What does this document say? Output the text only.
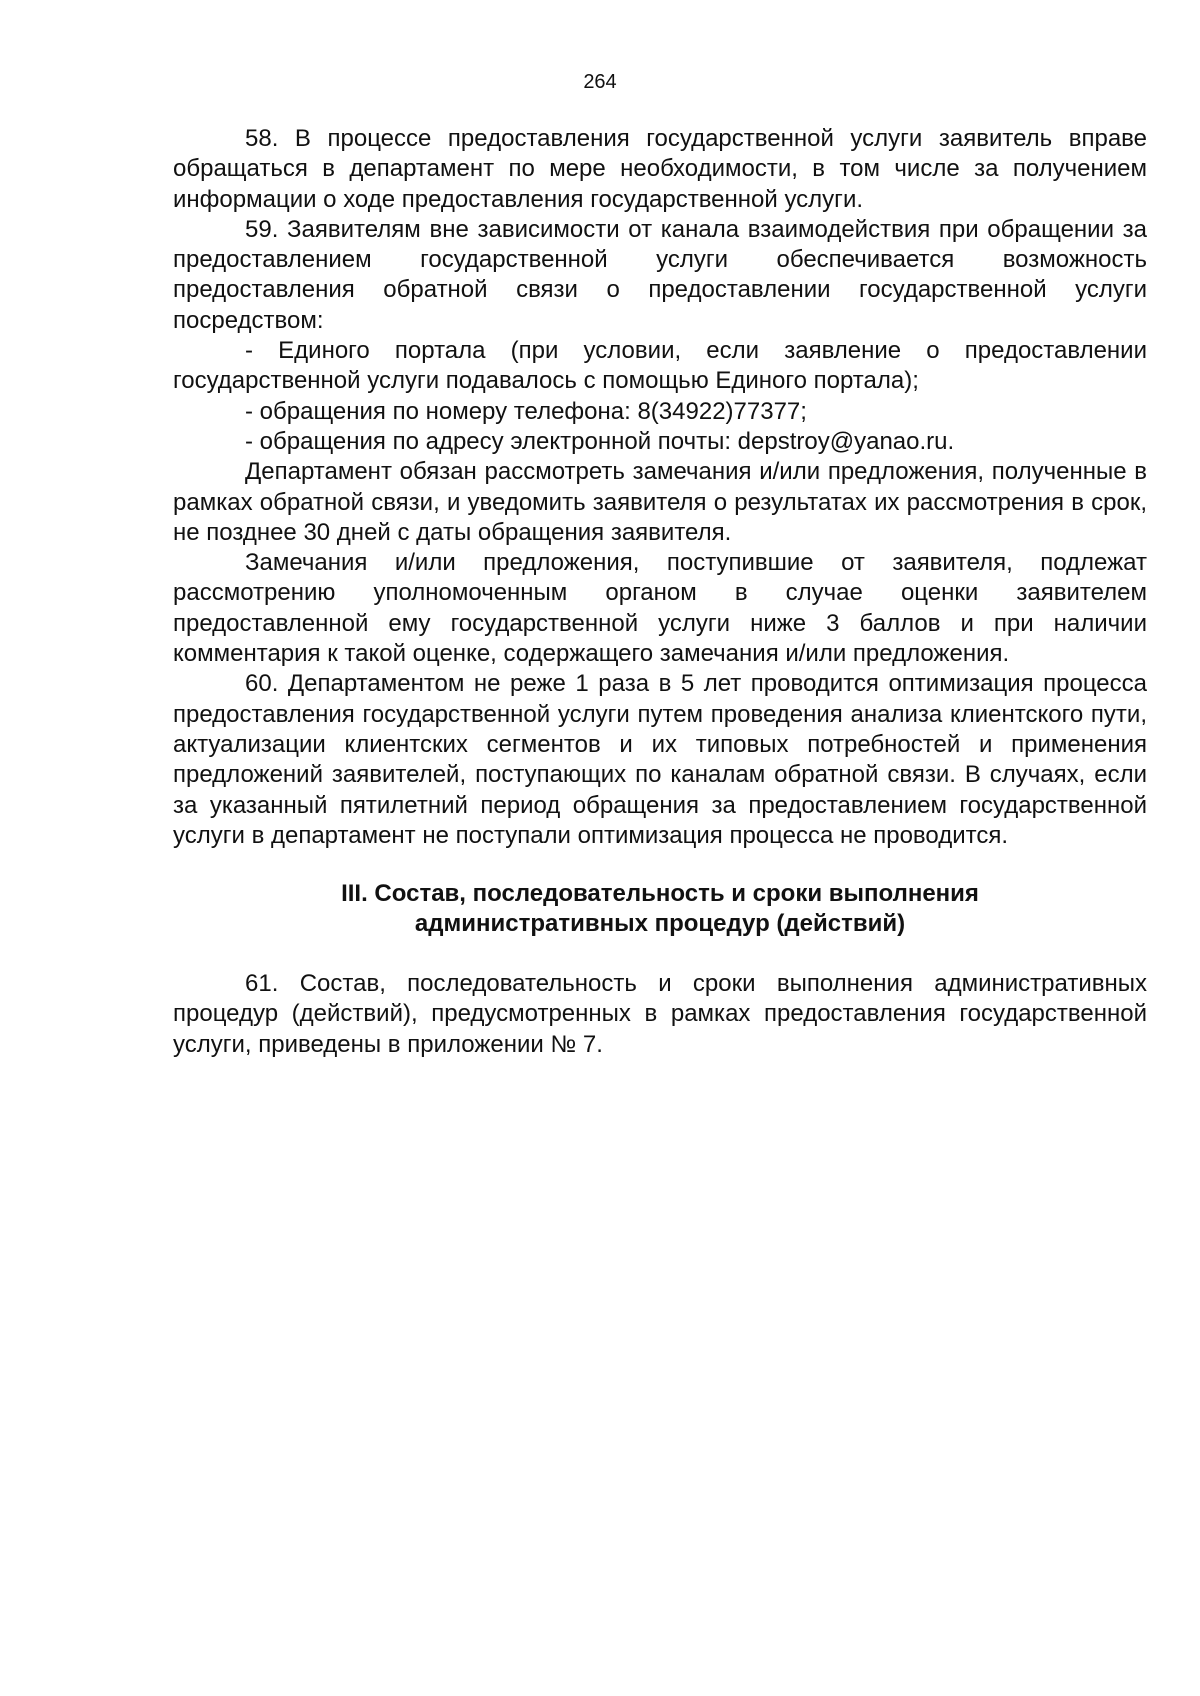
264

58. В процессе предоставления государственной услуги заявитель вправе обращаться в департамент по мере необходимости, в том числе за получением информации о ходе предоставления государственной услуги.

59. Заявителям вне зависимости от канала взаимодействия при обращении за предоставлением государственной услуги обеспечивается возможность предоставления обратной связи о предоставлении государственной услуги посредством:

- Единого портала (при условии, если заявление о предоставлении государственной услуги подавалось с помощью Единого портала);

- обращения по номеру телефона: 8(34922)77377;

- обращения по адресу электронной почты: depstroy@yanao.ru.

Департамент обязан рассмотреть замечания и/или предложения, полученные в рамках обратной связи, и уведомить заявителя о результатах их рассмотрения в срок, не позднее 30 дней с даты обращения заявителя.

Замечания и/или предложения, поступившие от заявителя, подлежат рассмотрению уполномоченным органом в случае оценки заявителем предоставленной ему государственной услуги ниже 3 баллов и при наличии комментария к такой оценке, содержащего замечания и/или предложения.

60. Департаментом не реже 1 раза в 5 лет проводится оптимизация процесса предоставления государственной услуги путем проведения анализа клиентского пути, актуализации клиентских сегментов и их типовых потребностей и применения предложений заявителей, поступающих по каналам обратной связи. В случаях, если за указанный пятилетний период обращения за предоставлением государственной услуги в департамент не поступали оптимизация процесса не проводится.

III. Состав, последовательность и сроки выполнения
административных процедур (действий)

61. Состав, последовательность и сроки выполнения административных процедур (действий), предусмотренных в рамках предоставления государственной услуги, приведены в приложении № 7.
